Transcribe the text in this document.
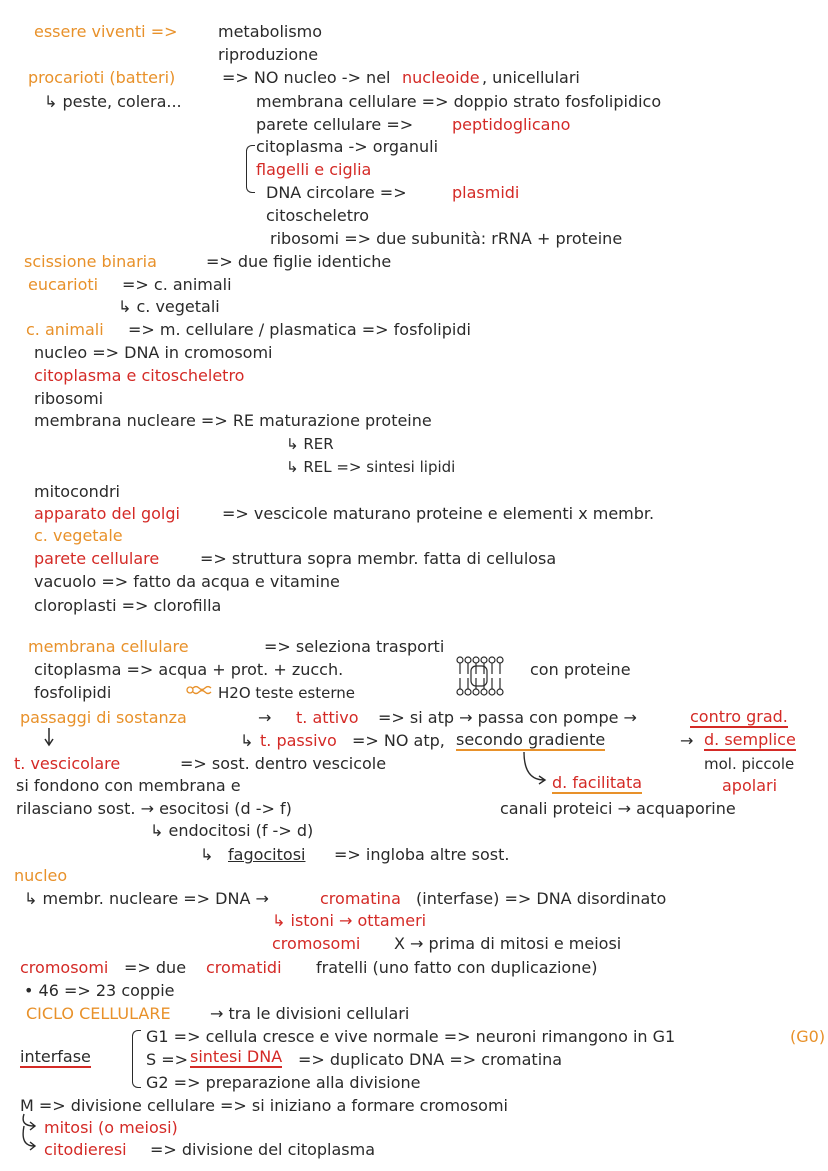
essere viventi =>	metabolismo
riproduzione
procarioti (batteri)	=> NO nucleo -> nel nucleoide , unicellulari
↳ peste, colera...	membrana cellulare => doppio strato fosfolipidico
parete cellulare => peptidoglicano
citoplasma -> organuli
flagelli e ciglia
DNA circolare =>	plasmidi
citoscheletro
ribosomi => due subunità: rRNA + proteine
scissione binaria	=> due figlie identiche
eucarioti => c. animali
↳ c. vegetali
c. animali => m. cellulare / plasmatica => fosfolipidi
nucleo => DNA in cromosomi
citoplasma e citoscheletro
ribosomi
membrana nucleare => RE maturazione proteine
↳ RER
↳ REL => sintesi lipidi
mitocondri
apparato del golgi	=> vescicole maturano proteine e elementi x membr.
c. vegetale
parete cellulare	=> struttura sopra membr. fatta di cellulosa
vacuolo => fatto da acqua e vitamine
cloroplasti => clorofilla
membrana cellulare	=> seleziona trasporti
citoplasma => acqua + prot. + zucch.	con proteine
fosfolipidi	H2O teste esterne
passaggi di sostanza	→ t. attivo => si atp → passa con pompe →	contro grad.
↳ t. passivo => NO atp, secondo gradiente	→ d. semplice
t. vescicolare	=> sost. dentro vescicole	mol. piccole
si fondono con membrana e	d. facilitata	apolari
rilasciano sost. → esocitosi (d -> f)	canali proteici → acquaporine
↳ endocitosi (f -> d)
↳ fagocitosi => ingloba altre sost.
nucleo
↳ membr. nucleare => DNA →	cromatina (interfase) => DNA disordinato
↳ istoni → ottameri
cromosomi X → prima di mitosi e meiosi
cromosomi => due cromatidi fratelli (uno fatto con duplicazione)
• 46 => 23 coppie
CICLO CELLULARE → tra le divisioni cellulari
G1 => cellula cresce e vive normale => neuroni rimangono in G1	(G0)
interfase	S => sintesi DNA => duplicato DNA => cromatina
G2 => preparazione alla divisione
M => divisione cellulare => si iniziano a formare cromosomi
mitosi (o meiosi)
citodieresi => divisione del citoplasma
